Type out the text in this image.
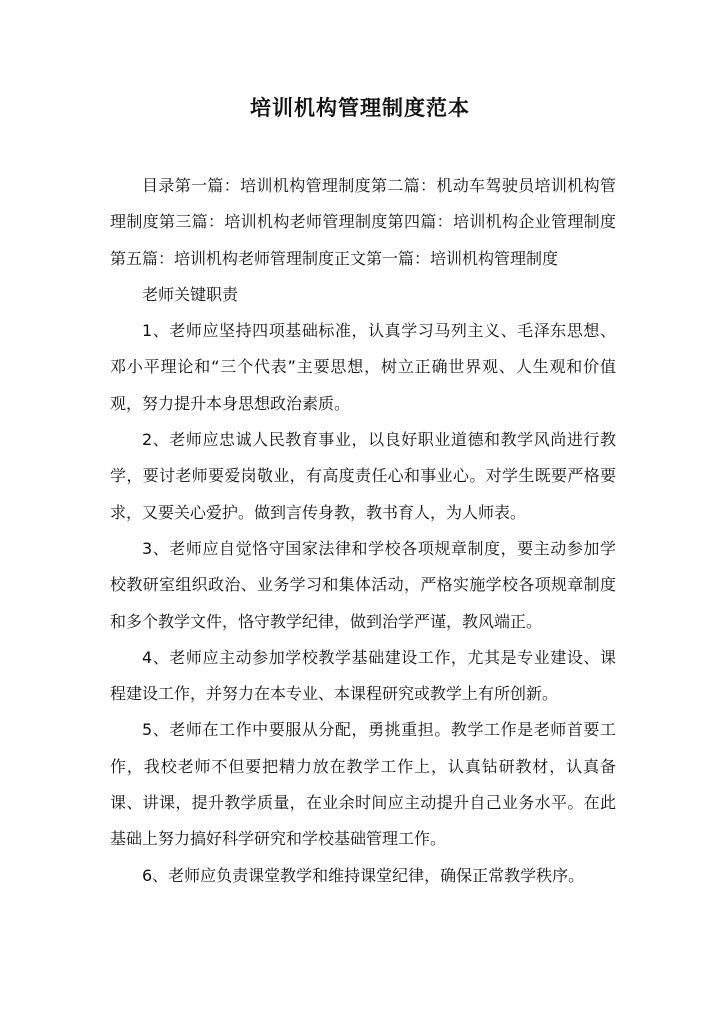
培训机构管理制度范本

目录第一篇：培训机构管理制度第二篇：机动车驾驶员培训机构管理制度第三篇：培训机构老师管理制度第四篇：培训机构企业管理制度第五篇：培训机构老师管理制度正文第一篇：培训机构管理制度

老师关键职责

1、老师应坚持四项基础标准，认真学习马列主义、毛泽东思想、邓小平理论和“三个代表”主要思想，树立正确世界观、人生观和价值观，努力提升本身思想政治素质。

2、老师应忠诚人民教育事业，以良好职业道德和教学风尚进行教学，要讨老师要爱岗敬业，有高度责任心和事业心。对学生既要严格要求，又要关心爱护。做到言传身教，教书育人，为人师表。

3、老师应自觉恪守国家法律和学校各项规章制度，要主动参加学校教研室组织政治、业务学习和集体活动，严格实施学校各项规章制度和多个教学文件，恪守教学纪律，做到治学严谨，教风端正。

4、老师应主动参加学校教学基础建设工作，尤其是专业建设、课程建设工作，并努力在本专业、本课程研究或教学上有所创新。

5、老师在工作中要服从分配，勇挑重担。教学工作是老师首要工作，我校老师不但要把精力放在教学工作上，认真钻研教材，认真备课、讲课，提升教学质量，在业余时间应主动提升自己业务水平。在此基础上努力搞好科学研究和学校基础管理工作。

6、老师应负责课堂教学和维持课堂纪律，确保正常教学秩序。
